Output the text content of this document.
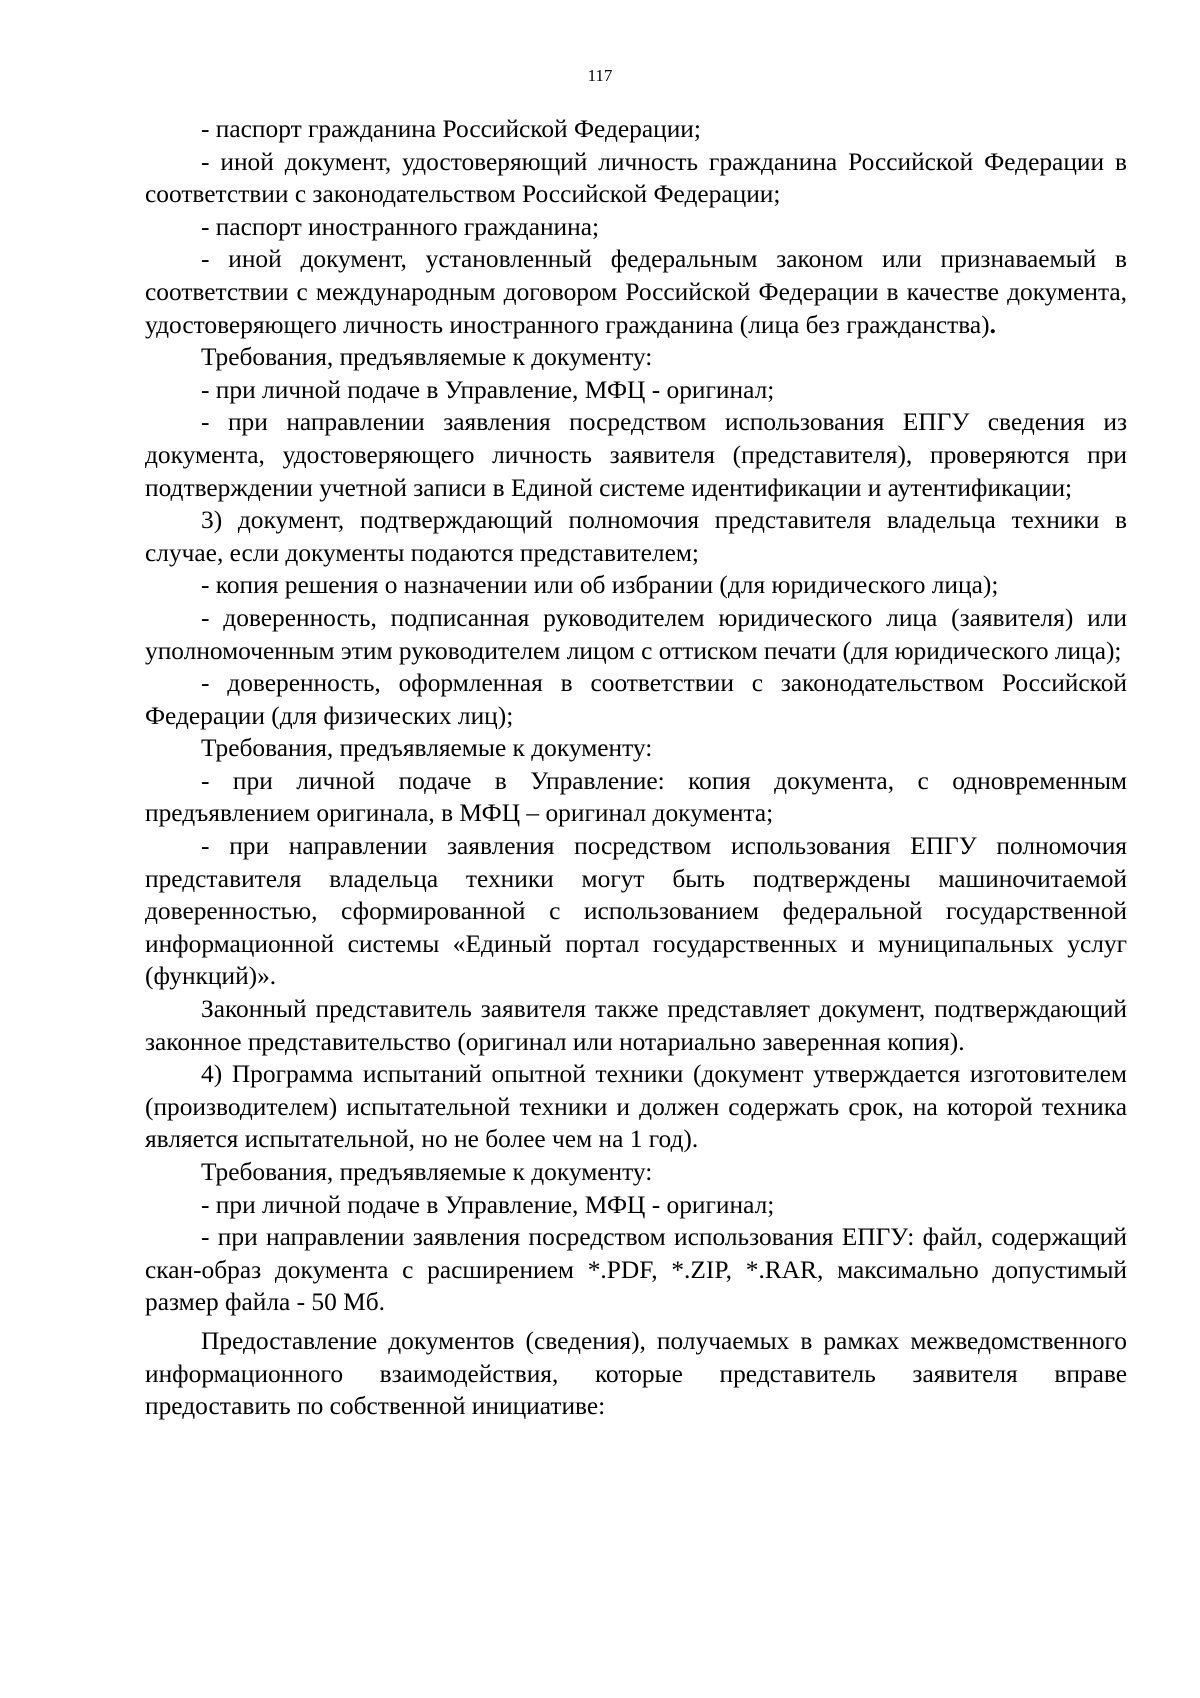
117

- паспорт гражданина Российской Федерации;

- иной документ, удостоверяющий личность гражданина Российской Федерации в соответствии с законодательством Российской Федерации;

- паспорт иностранного гражданина;

- иной документ, установленный федеральным законом или признаваемый в соответствии с международным договором Российской Федерации в качестве документа, удостоверяющего личность иностранного гражданина (лица без гражданства).

Требования, предъявляемые к документу:

- при личной подаче в Управление, МФЦ - оригинал;

- при направлении заявления посредством использования ЕПГУ сведения из документа, удостоверяющего личность заявителя (представителя), проверяются при подтверждении учетной записи в Единой системе идентификации и аутентификации;

3) документ, подтверждающий полномочия представителя владельца техники в случае, если документы подаются представителем;

- копия решения о назначении или об избрании (для юридического лица);

- доверенность, подписанная руководителем юридического лица (заявителя) или уполномоченным этим руководителем лицом с оттиском печати (для юридического лица);

- доверенность, оформленная в соответствии с законодательством Российской Федерации (для физических лиц);

Требования, предъявляемые к документу:

- при личной подаче в Управление: копия документа, с одновременным предъявлением оригинала, в МФЦ – оригинал документа;

- при направлении заявления посредством использования ЕПГУ полномочия представителя владельца техники могут быть подтверждены машиночитаемой доверенностью, сформированной с использованием федеральной государственной информационной системы «Единый портал государственных и муниципальных услуг (функций)».

Законный представитель заявителя также представляет документ, подтверждающий законное представительство (оригинал или нотариально заверенная копия).

4) Программа испытаний опытной техники (документ утверждается изготовителем (производителем) испытательной техники и должен содержать срок, на которой техника является испытательной, но не более чем на 1 год).

Требования, предъявляемые к документу:

- при личной подаче в Управление, МФЦ - оригинал;

- при направлении заявления посредством использования ЕПГУ: файл, содержащий скан-образ документа с расширением *.PDF, *.ZIP, *.RAR, максимально допустимый размер файла - 50 Мб.

Предоставление документов (сведения), получаемых в рамках межведомственного информационного взаимодействия, которые представитель заявителя вправе предоставить по собственной инициативе:
